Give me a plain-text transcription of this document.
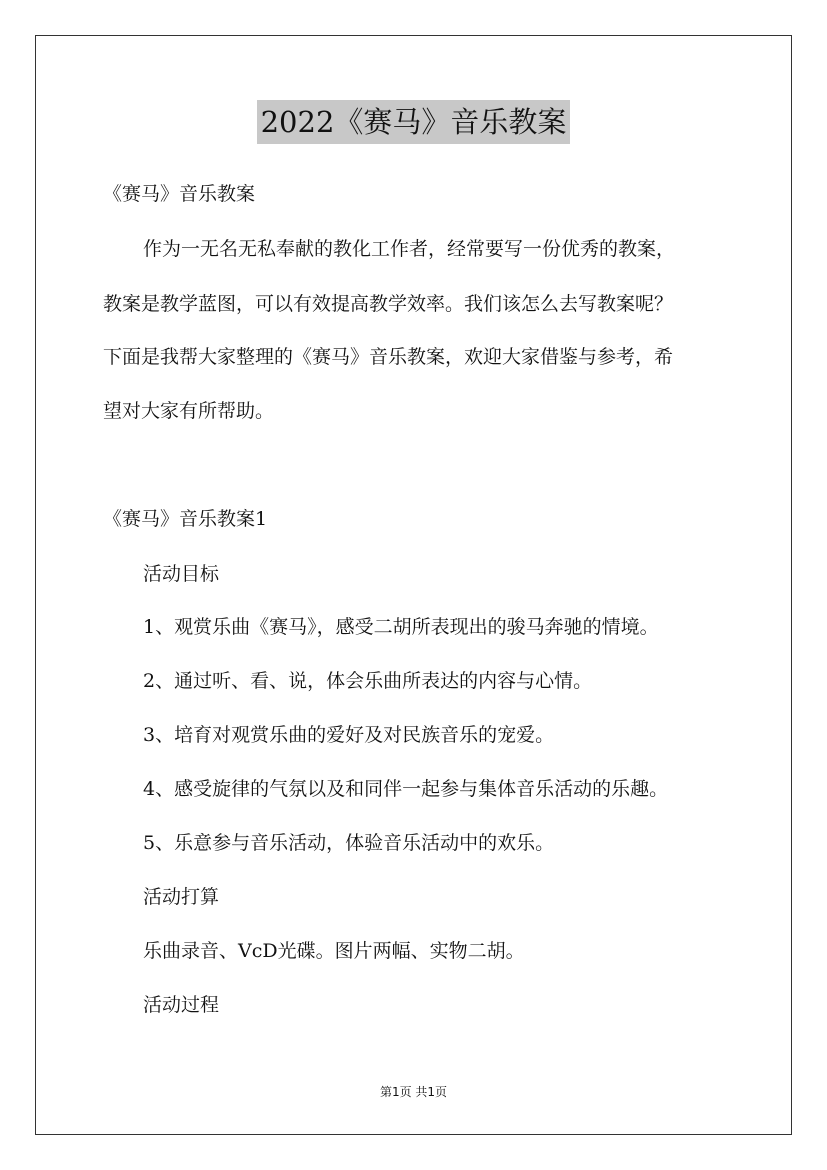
2022《赛马》音乐教案
《赛马》音乐教案
作为一无名无私奉献的教化工作者，经常要写一份优秀的教案，
教案是教学蓝图，可以有效提高教学效率。我们该怎么去写教案呢？
下面是我帮大家整理的《赛马》音乐教案，欢迎大家借鉴与参考，希
望对大家有所帮助。
《赛马》音乐教案1
活动目标
1、观赏乐曲《赛马》，感受二胡所表现出的骏马奔驰的情境。
2、通过听、看、说，体会乐曲所表达的内容与心情。
3、培育对观赏乐曲的爱好及对民族音乐的宠爱。
4、感受旋律的气氛以及和同伴一起参与集体音乐活动的乐趣。
5、乐意参与音乐活动，体验音乐活动中的欢乐。
活动打算
乐曲录音、VcD光碟。图片两幅、实物二胡。
活动过程
第1页 共1页
